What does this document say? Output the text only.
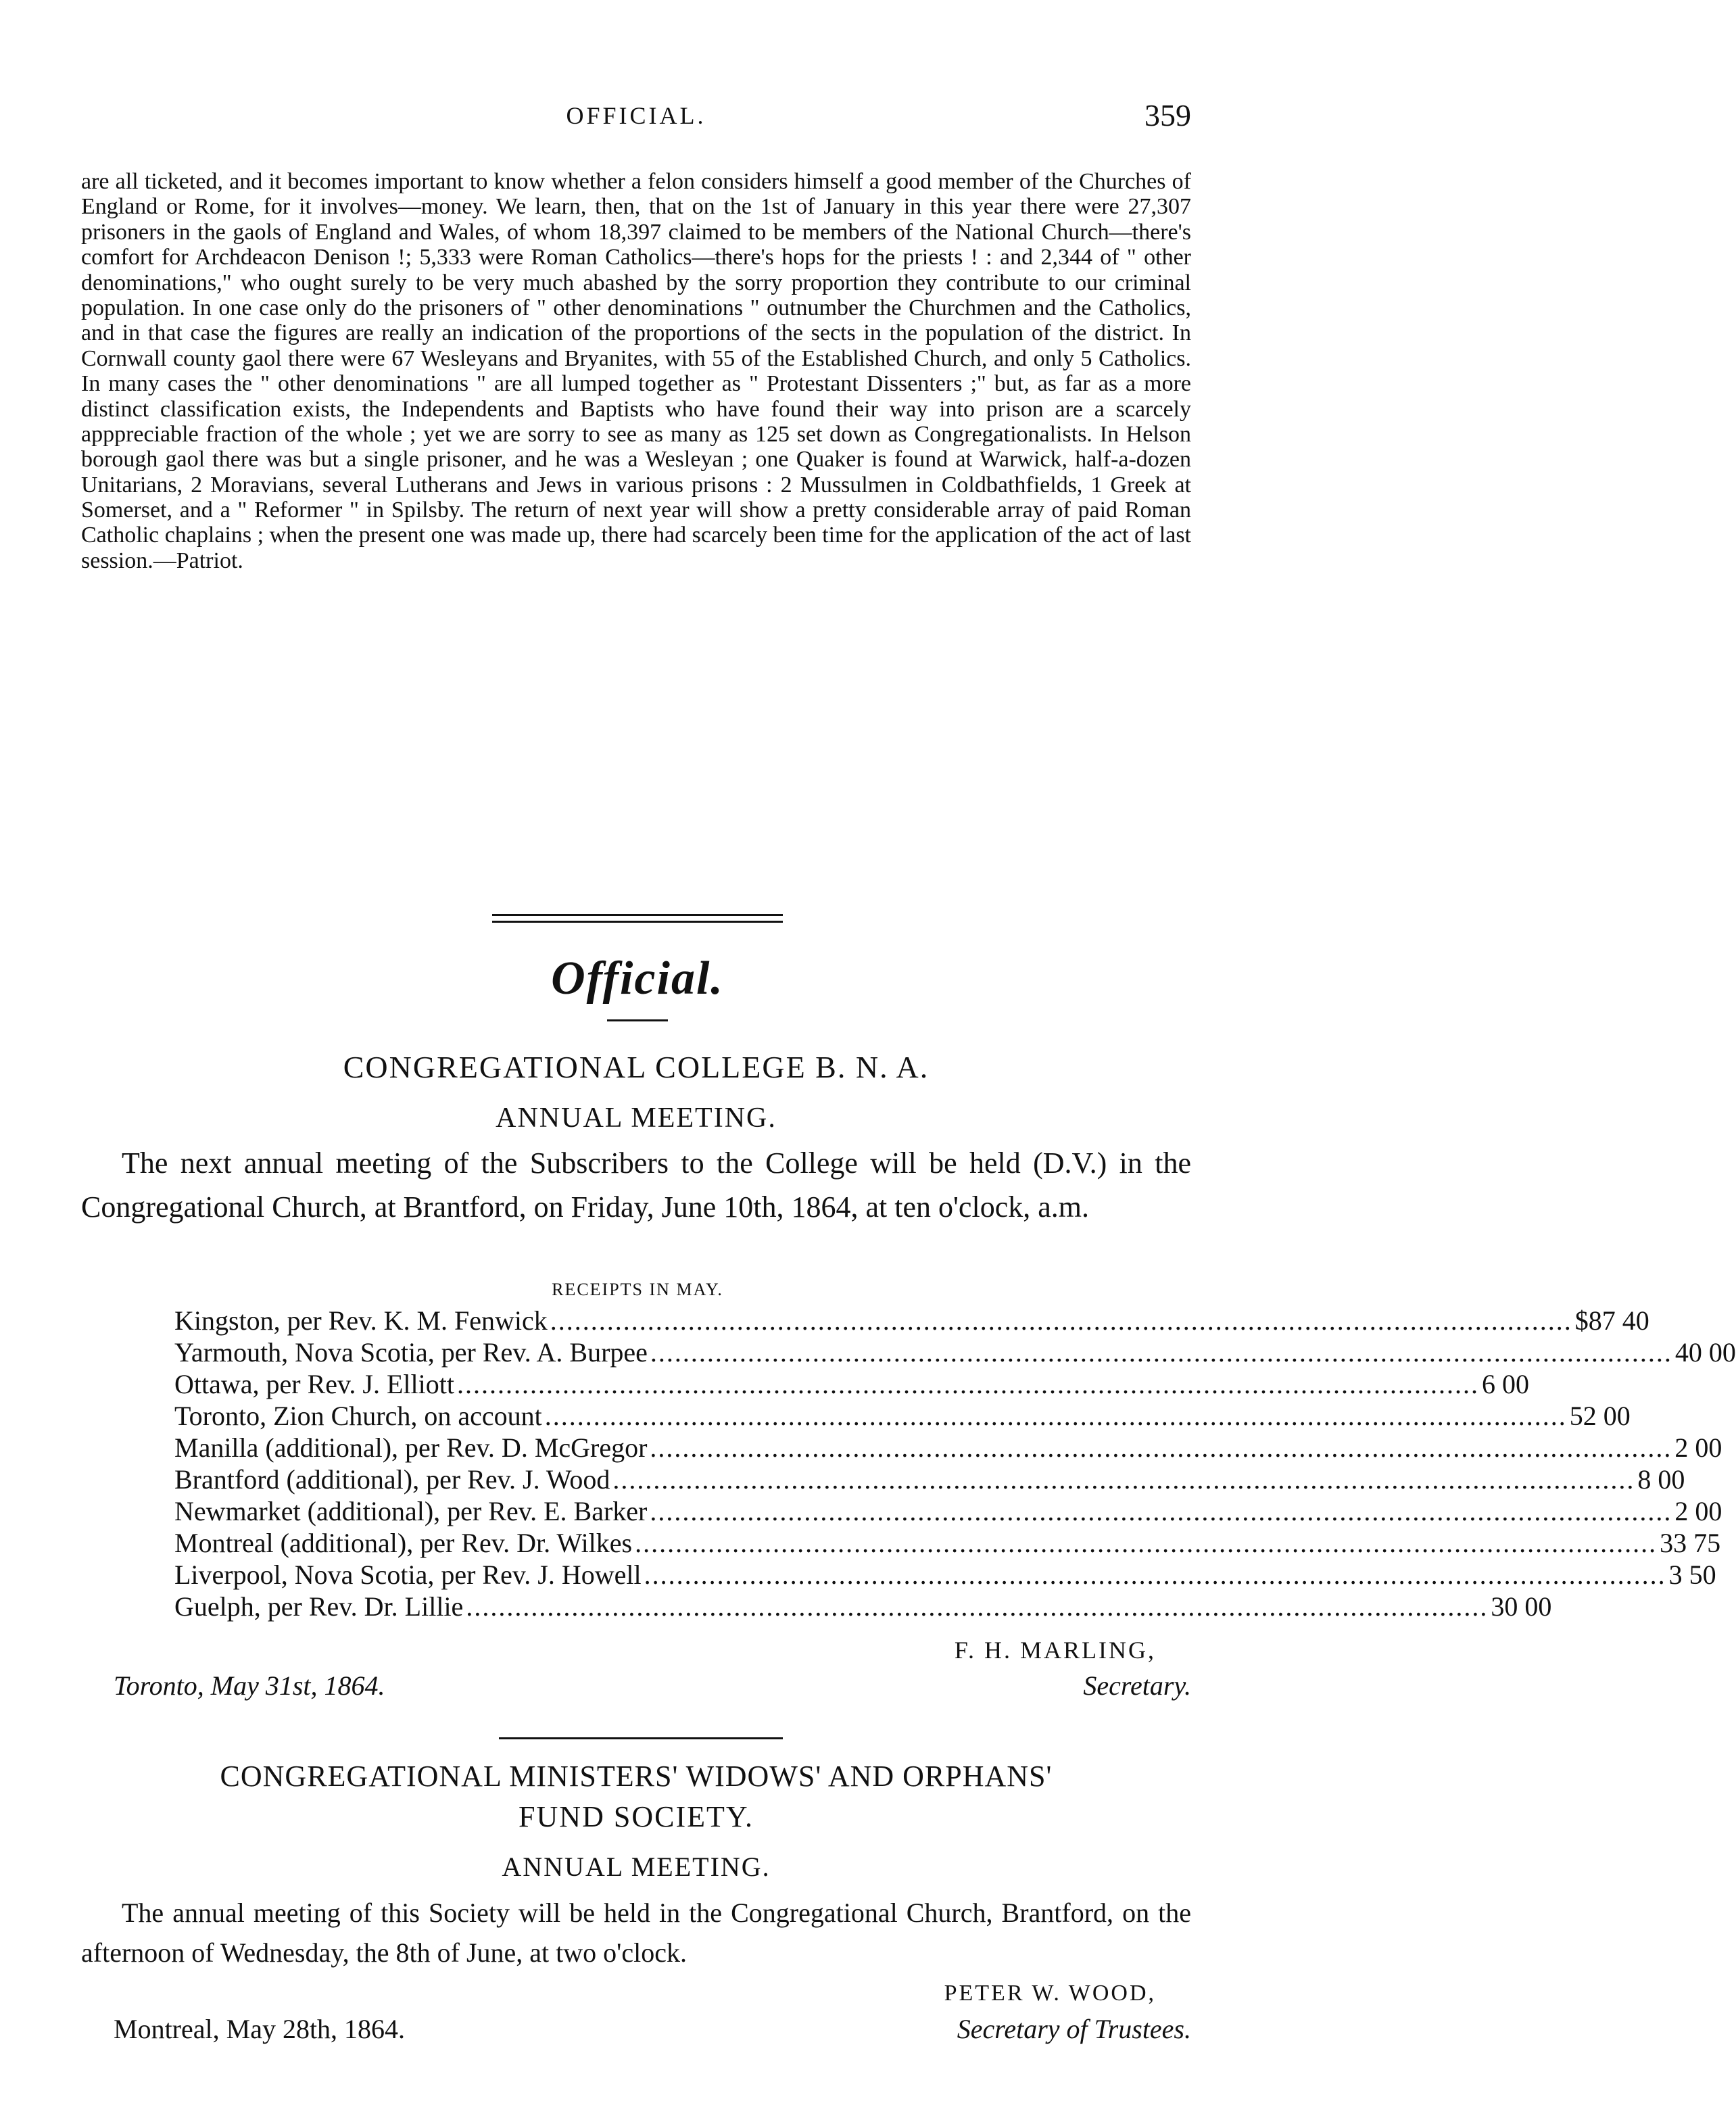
OFFICIAL.	359

are all ticketed, and it becomes important to know whether a felon considers himself a good member of the Churches of England or Rome, for it involves—money. We learn, then, that on the 1st of January in this year there were 27,307 prisoners in the gaols of England and Wales, of whom 18,397 claimed to be members of the National Church—there's comfort for Archdeacon Denison !; 5,333 were Roman Catholics—there's hops for the priests ! : and 2,344 of " other denominations," who ought surely to be very much abashed by the sorry proportion they contribute to our criminal population. In one case only do the prisoners of " other denominations " outnumber the Churchmen and the Catholics, and in that case the figures are really an indication of the proportions of the sects in the population of the district. In Cornwall county gaol there were 67 Wesleyans and Bryanites, with 55 of the Established Church, and only 5 Catholics. In many cases the " other denominations " are all lumped together as " Protestant Dissenters ;" but, as far as a more distinct classification exists, the Independents and Baptists who have found their way into prison are a scarcely apppreciable fraction of the whole ; yet we are sorry to see as many as 125 set down as Congregationalists. In Helson borough gaol there was but a single prisoner, and he was a Wesleyan ; one Quaker is found at Warwick, half-a-dozen Unitarians, 2 Moravians, several Lutherans and Jews in various prisons : 2 Mussulmen in Coldbathfields, 1 Greek at Somerset, and a " Reformer " in Spilsby. The return of next year will show a pretty considerable array of paid Roman Catholic chaplains ; when the present one was made up, there had scarcely been time for the application of the act of last session.—Patriot.

Official.
CONGREGATIONAL COLLEGE B. N. A.
ANNUAL MEETING.

The next annual meeting of the Subscribers to the College will be held (D.V.) in the Congregational Church, at Brantford, on Friday, June 10th, 1864, at ten o'clock, a.m.

RECEIPTS IN MAY.
Kingston, per Rev. K. M. Fenwick .............................................................................................................................. $87 40
Yarmouth, Nova Scotia, per Rev. A. Burpee .............................................................................................................................. 40 00
Ottawa, per Rev. J. Elliott .............................................................................................................................. 6 00
Toronto, Zion Church, on account .............................................................................................................................. 52 00
Manilla (additional), per Rev. D. McGregor .............................................................................................................................. 2 00
Brantford (additional), per Rev. J. Wood .............................................................................................................................. 8 00
Newmarket (additional), per Rev. E. Barker .............................................................................................................................. 2 00
Montreal (additional), per Rev. Dr. Wilkes .............................................................................................................................. 33 75
Liverpool, Nova Scotia, per Rev. J. Howell .............................................................................................................................. 3 50
Guelph, per Rev. Dr. Lillie .............................................................................................................................. 30 00
F. H. MARLING,
Toronto, May 31st, 1864.	Secretary.
CONGREGATIONAL MINISTERS' WIDOWS' AND ORPHANS'
FUND SOCIETY.
ANNUAL MEETING.

The annual meeting of this Society will be held in the Congregational Church, Brantford, on the afternoon of Wednesday, the 8th of June, at two o'clock.

PETER W. WOOD,
Montreal, May 28th, 1864.	Secretary of Trustees.
